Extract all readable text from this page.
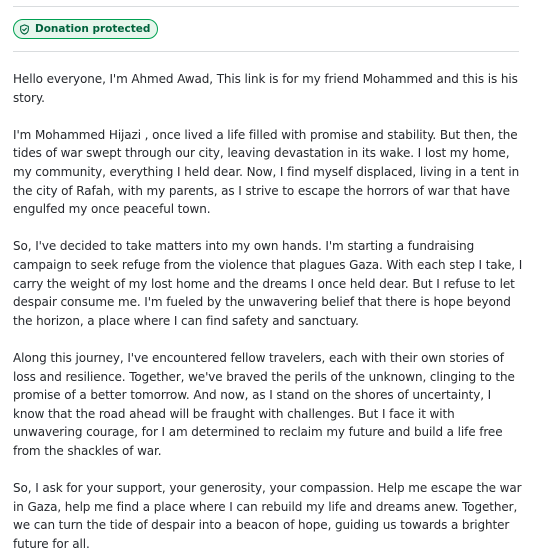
Donation protected

Hello everyone, I'm Ahmed Awad, This link is for my friend Mohammed and this is his story.

I'm Mohammed Hijazi , once lived a life filled with promise and stability. But then, the tides of war swept through our city, leaving devastation in its wake. I lost my home, my community, everything I held dear. Now, I find myself displaced, living in a tent in the city of Rafah, with my parents, as I strive to escape the horrors of war that have engulfed my once peaceful town.

So, I've decided to take matters into my own hands. I'm starting a fundraising campaign to seek refuge from the violence that plagues Gaza. With each step I take, I carry the weight of my lost home and the dreams I once held dear. But I refuse to let despair consume me. I'm fueled by the unwavering belief that there is hope beyond the horizon, a place where I can find safety and sanctuary.

Along this journey, I've encountered fellow travelers, each with their own stories of loss and resilience. Together, we've braved the perils of the unknown, clinging to the promise of a better tomorrow. And now, as I stand on the shores of uncertainty, I know that the road ahead will be fraught with challenges. But I face it with unwavering courage, for I am determined to reclaim my future and build a life free from the shackles of war.

So, I ask for your support, your generosity, your compassion. Help me escape the war in Gaza, help me find a place where I can rebuild my life and dreams anew. Together, we can turn the tide of despair into a beacon of hope, guiding us towards a brighter future for all.
